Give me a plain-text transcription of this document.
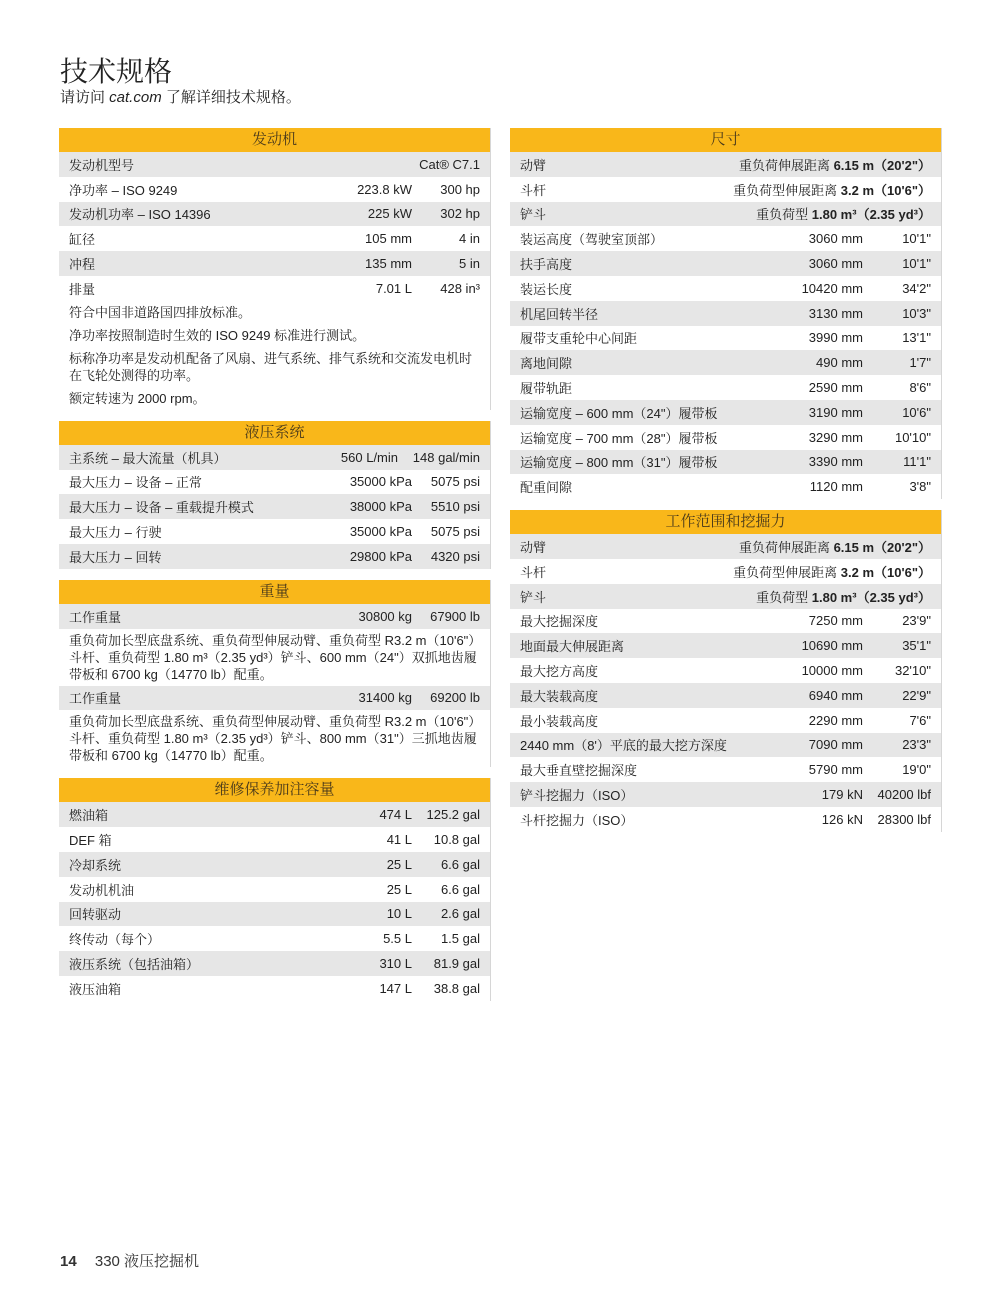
技术规格
请访问 cat.com 了解详细技术规格。
发动机
发动机型号	Cat® C7.1
净功率 – ISO 9249	223.8 kW	300 hp
发动机功率 – ISO 14396	225 kW	302 hp
缸径	105 mm	4 in
冲程	135 mm	5 in
排量	7.01 L	428 in³
符合中国非道路国四排放标准。
净功率按照制造时生效的 ISO 9249 标准进行测试。
标称净功率是发动机配备了风扇、进气系统、排气系统和交流发电机时在飞轮处测得的功率。
额定转速为 2000 rpm。
液压系统
主系统 – 最大流量（机具）	560 L/min	148 gal/min
最大压力 – 设备 – 正常	35000 kPa	5075 psi
最大压力 – 设备 – 重载提升模式	38000 kPa	5510 psi
最大压力 – 行驶	35000 kPa	5075 psi
最大压力 – 回转	29800 kPa	4320 psi
重量
工作重量	30800 kg	67900 lb
重负荷加长型底盘系统、重负荷型伸展动臂、重负荷型 R3.2 m（10'6"）斗杆、重负荷型 1.80 m³（2.35 yd³）铲斗、600 mm（24"）双抓地齿履带板和 6700 kg（14770 lb）配重。
工作重量	31400 kg	69200 lb
重负荷加长型底盘系统、重负荷型伸展动臂、重负荷型 R3.2 m（10'6"）斗杆、重负荷型 1.80 m³（2.35 yd³）铲斗、800 mm（31"）三抓地齿履带板和 6700 kg（14770 lb）配重。
维修保养加注容量
燃油箱	474 L	125.2 gal
DEF 箱	41 L	10.8 gal
冷却系统	25 L	6.6 gal
发动机机油	25 L	6.6 gal
回转驱动	10 L	2.6 gal
终传动（每个）	5.5 L	1.5 gal
液压系统（包括油箱）	310 L	81.9 gal
液压油箱	147 L	38.8 gal
尺寸
动臂	重负荷伸展距离 6.15 m（20'2"）
斗杆	重负荷型伸展距离 3.2 m（10'6"）
铲斗	重负荷型 1.80 m³（2.35 yd³）
装运高度（驾驶室顶部）	3060 mm	10'1"
扶手高度	3060 mm	10'1"
装运长度	10420 mm	34'2"
机尾回转半径	3130 mm	10'3"
履带支重轮中心间距	3990 mm	13'1"
离地间隙	490 mm	1'7"
履带轨距	2590 mm	8'6"
运输宽度 – 600 mm（24"）履带板	3190 mm	10'6"
运输宽度 – 700 mm（28"）履带板	3290 mm	10'10"
运输宽度 – 800 mm（31"）履带板	3390 mm	11'1"
配重间隙	1120 mm	3'8"
工作范围和挖掘力
动臂	重负荷伸展距离 6.15 m（20'2"）
斗杆	重负荷型伸展距离 3.2 m（10'6"）
铲斗	重负荷型 1.80 m³（2.35 yd³）
最大挖掘深度	7250 mm	23'9"
地面最大伸展距离	10690 mm	35'1"
最大挖方高度	10000 mm	32'10"
最大装载高度	6940 mm	22'9"
最小装载高度	2290 mm	7'6"
2440 mm（8'）平底的最大挖方深度	7090 mm	23'3"
最大垂直壁挖掘深度	5790 mm	19'0"
铲斗挖掘力（ISO）	179 kN	40200 lbf
斗杆挖掘力（ISO）	126 kN	28300 lbf
14 330 液压挖掘机
